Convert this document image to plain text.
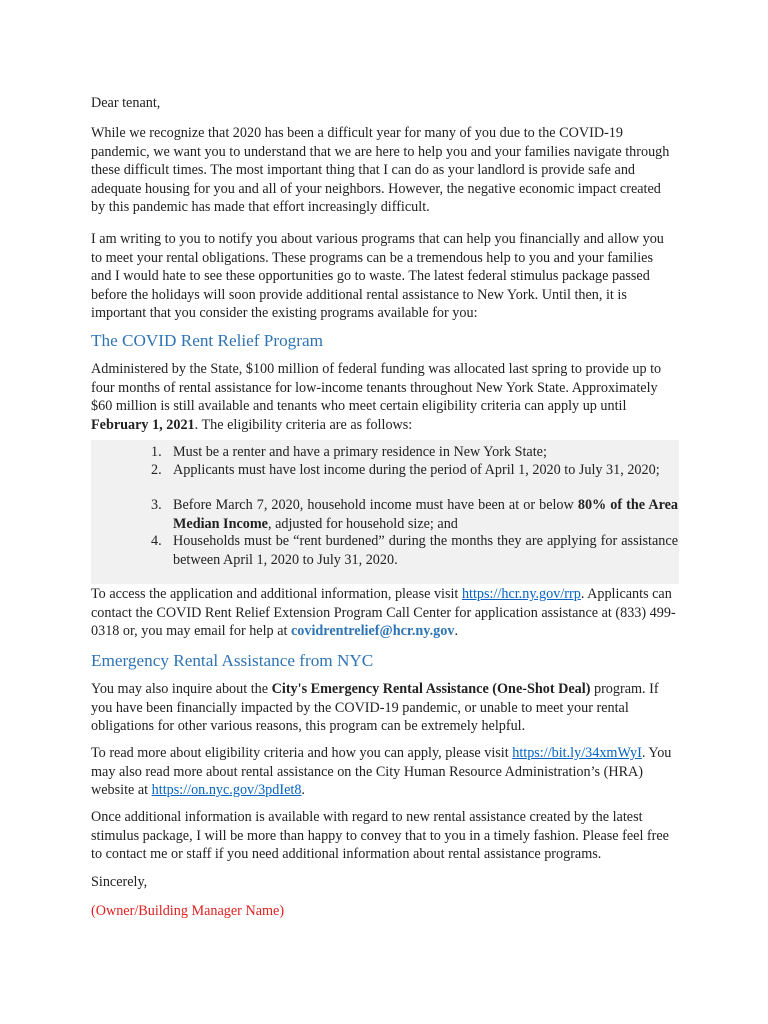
Dear tenant,

While we recognize that 2020 has been a difficult year for many of you due to the COVID-19 pandemic, we want you to understand that we are here to help you and your families navigate through these difficult times. The most important thing that I can do as your landlord is provide safe and adequate housing for you and all of your neighbors. However, the negative economic impact created by this pandemic has made that effort increasingly difficult.

I am writing to you to notify you about various programs that can help you financially and allow you to meet your rental obligations. These programs can be a tremendous help to you and your families and I would hate to see these opportunities go to waste. The latest federal stimulus package passed before the holidays will soon provide additional rental assistance to New York. Until then, it is important that you consider the existing programs available for you:

The COVID Rent Relief Program

Administered by the State, $100 million of federal funding was allocated last spring to provide up to four months of rental assistance for low-income tenants throughout New York State. Approximately $60 million is still available and tenants who meet certain eligibility criteria can apply up until February 1, 2021. The eligibility criteria are as follows:

1. Must be a renter and have a primary residence in New York State;

2. Applicants must have lost income during the period of April 1, 2020 to July 31, 2020;

3. Before March 7, 2020, household income must have been at or below 80% of the Area Median Income, adjusted for household size; and

4. Households must be “rent burdened” during the months they are applying for assistance between April 1, 2020 to July 31, 2020.

To access the application and additional information, please visit https://hcr.ny.gov/rrp. Applicants can contact the COVID Rent Relief Extension Program Call Center for application assistance at (833) 499-0318 or, you may email for help at covidrentrelief@hcr.ny.gov.

Emergency Rental Assistance from NYC

You may also inquire about the City's Emergency Rental Assistance (One-Shot Deal) program. If you have been financially impacted by the COVID-19 pandemic, or unable to meet your rental obligations for other various reasons, this program can be extremely helpful.

To read more about eligibility criteria and how you can apply, please visit https://bit.ly/34xmWyI. You may also read more about rental assistance on the City Human Resource Administration’s (HRA) website at https://on.nyc.gov/3pdIet8.

Once additional information is available with regard to new rental assistance created by the latest stimulus package, I will be more than happy to convey that to you in a timely fashion. Please feel free to contact me or staff if you need additional information about rental assistance programs.

Sincerely,

(Owner/Building Manager Name)
